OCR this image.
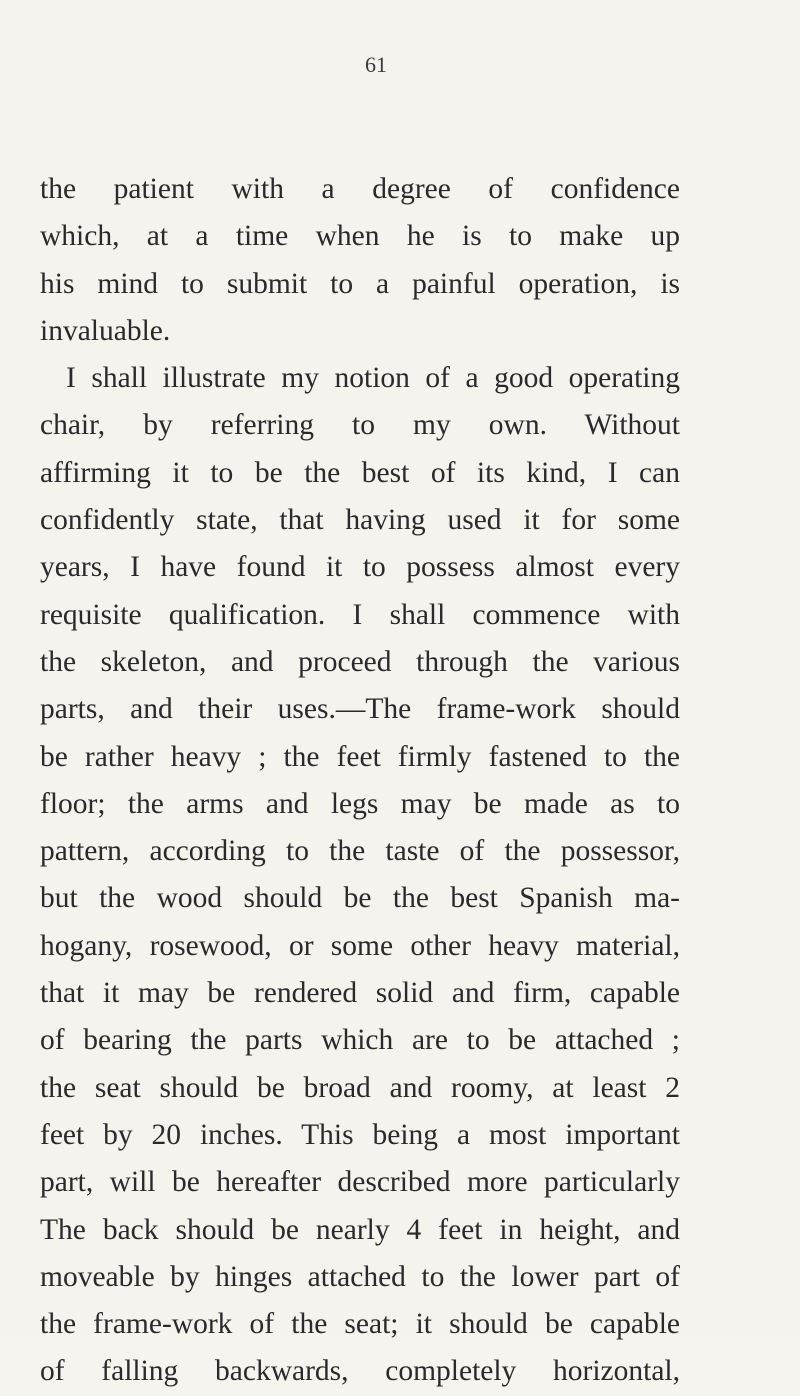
61
the patient with a degree of confidence
which, at a time when he is to make up
his mind to submit to a painful operation, is
invaluable.
I shall illustrate my notion of a good operating
chair, by referring to my own. Without
affirming it to be the best of its kind, I can
confidently state, that having used it for some
years, I have found it to possess almost every
requisite qualification. I shall commence with
the skeleton, and proceed through the various
parts, and their uses.—The frame-work should
be rather heavy ; the feet firmly fastened to the
floor; the arms and legs may be made as to
pattern, according to the taste of the possessor,
but the wood should be the best Spanish ma-
hogany, rosewood, or some other heavy material,
that it may be rendered solid and firm, capable
of bearing the parts which are to be attached ;
the seat should be broad and roomy, at least 2
feet by 20 inches. This being a most important
part, will be hereafter described more particularly
The back should be nearly 4 feet in height, and
moveable by hinges attached to the lower part of
the frame-work of the seat; it should be capable
of falling backwards, completely horizontal,
